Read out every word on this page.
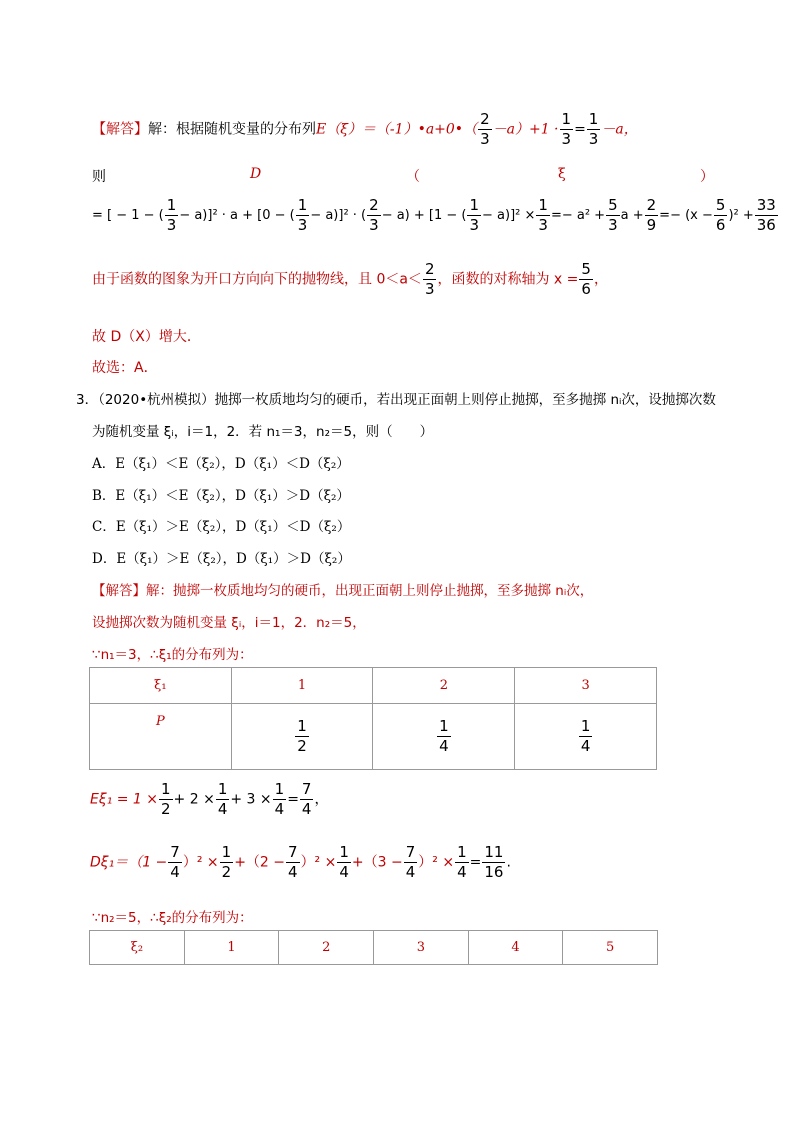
【解答】解：根据随机变量的分布列E（ξ）＝（-1）•a+0•（ $\frac{2}{3} -a)+1 \cdot \frac{1}{3} = \frac{1}{3} -a$，
则	D	（	ξ	）
= [ − 1 − ( $\frac{1}{3} - a)]^2 \cdot a + [0$ − ( $\frac{1}{3} - a)]^2$ · ( $\frac{2}{3} - a) + [1$ − ( $\frac{1}{3} - a)]^2 \times \frac{1}{3} =- a^2 + \frac{5}{3}$ $a + \frac{2}{9} =- (x - \frac{5}{6} )^2 + \frac{33}{36}$
由于函数的图象为开口方向向下的抛物线，且 $0<a< \frac{2}{3}$ ，函数的对称轴为 $x = \frac{5}{6}$ ，
故 D（X）增大．
故选：A．
3．（2020•杭州模拟）抛掷一枚质地均匀的硬币，若出现正面朝上则停止抛掷，至多抛掷 nᵢ次，设抛掷次数
为随机变量 ξᵢ，i＝1，2．若 n₁＝3，n₂＝5，则（　　）
A．E（ξ₁）＜E（ξ₂），D（ξ₁）＜D（ξ₂）
B．E（ξ₁）＜E（ξ₂），D（ξ₁）＞D（ξ₂）
C．E（ξ₁）＞E（ξ₂），D（ξ₁）＜D（ξ₂）
D．E（ξ₁）＞E（ξ₂），D（ξ₁）＞D（ξ₂）
【解答】解：抛掷一枚质地均匀的硬币，出现正面朝上则停止抛掷，至多抛掷 nᵢ次，
设抛掷次数为随机变量 ξᵢ，i＝1，2．n₂＝5，
∵n₁＝3，∴ξ₁的分布列为：
ξ₁	1	2	3
P	$\frac{1}{2}$	$\frac{1}{4}$	$\frac{1}{4}$
$E\xi_1 = 1 \times \frac{1}{2} + 2 \times \frac{1}{4} + 3 \times \frac{1}{4} = \frac{7}{4}$ ，
$D\xi_1=(1 - \frac{7}{4} )^2 \times \frac{1}{2} +(2 - \frac{7}{4} )^2 \times \frac{1}{4} +(3 - \frac{7}{4} )^2 \times \frac{1}{4} = \frac{11}{16}$ .
∵n₂＝5，∴ξ₂的分布列为：
ξ₂	1	2	3	4	5
